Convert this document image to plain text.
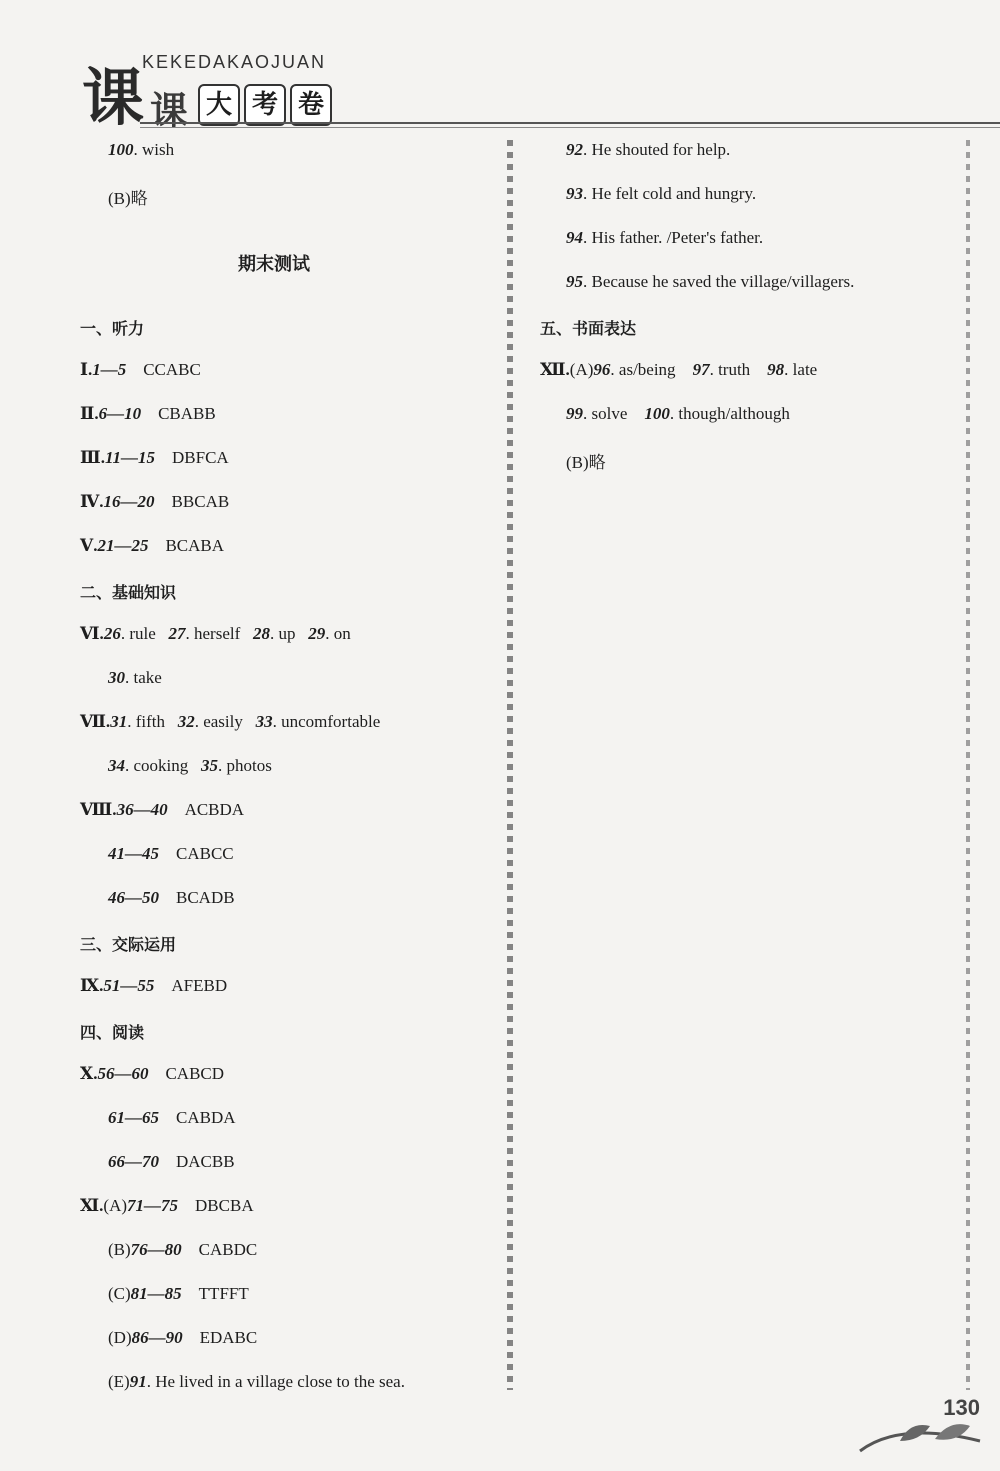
课 课
KEKEDAKAOJUAN
大 考 卷
100. wish
(B)略
期末测试
一、听力
Ⅰ.1—5 CCABC
Ⅱ.6—10 CBABB
Ⅲ.11—15 DBFCA
Ⅳ.16—20 BBCAB
Ⅴ.21—25 BCABA
二、基础知识
Ⅵ.26. rule 27. herself 28. up 29. on
30. take
Ⅶ.31. fifth 32. easily 33. uncomfortable
34. cooking 35. photos
Ⅷ.36—40 ACBDA
41—45 CABCC
46—50 BCADB
三、交际运用
Ⅸ.51—55 AFEBD
四、阅读
Ⅹ.56—60 CABCD
61—65 CABDA
66—70 DACBB
Ⅺ.(A)71—75 DBCBA
(B)76—80 CABDC
(C)81—85 TTFFT
(D)86—90 EDABC
(E)91. He lived in a village close to the sea.
92. He shouted for help.
93. He felt cold and hungry.
94. His father. /Peter's father.
95. Because he saved the village/villagers.
五、书面表达
Ⅻ.(A)96. as/being 97. truth 98. late
99. solve 100. though/although
(B)略
130
